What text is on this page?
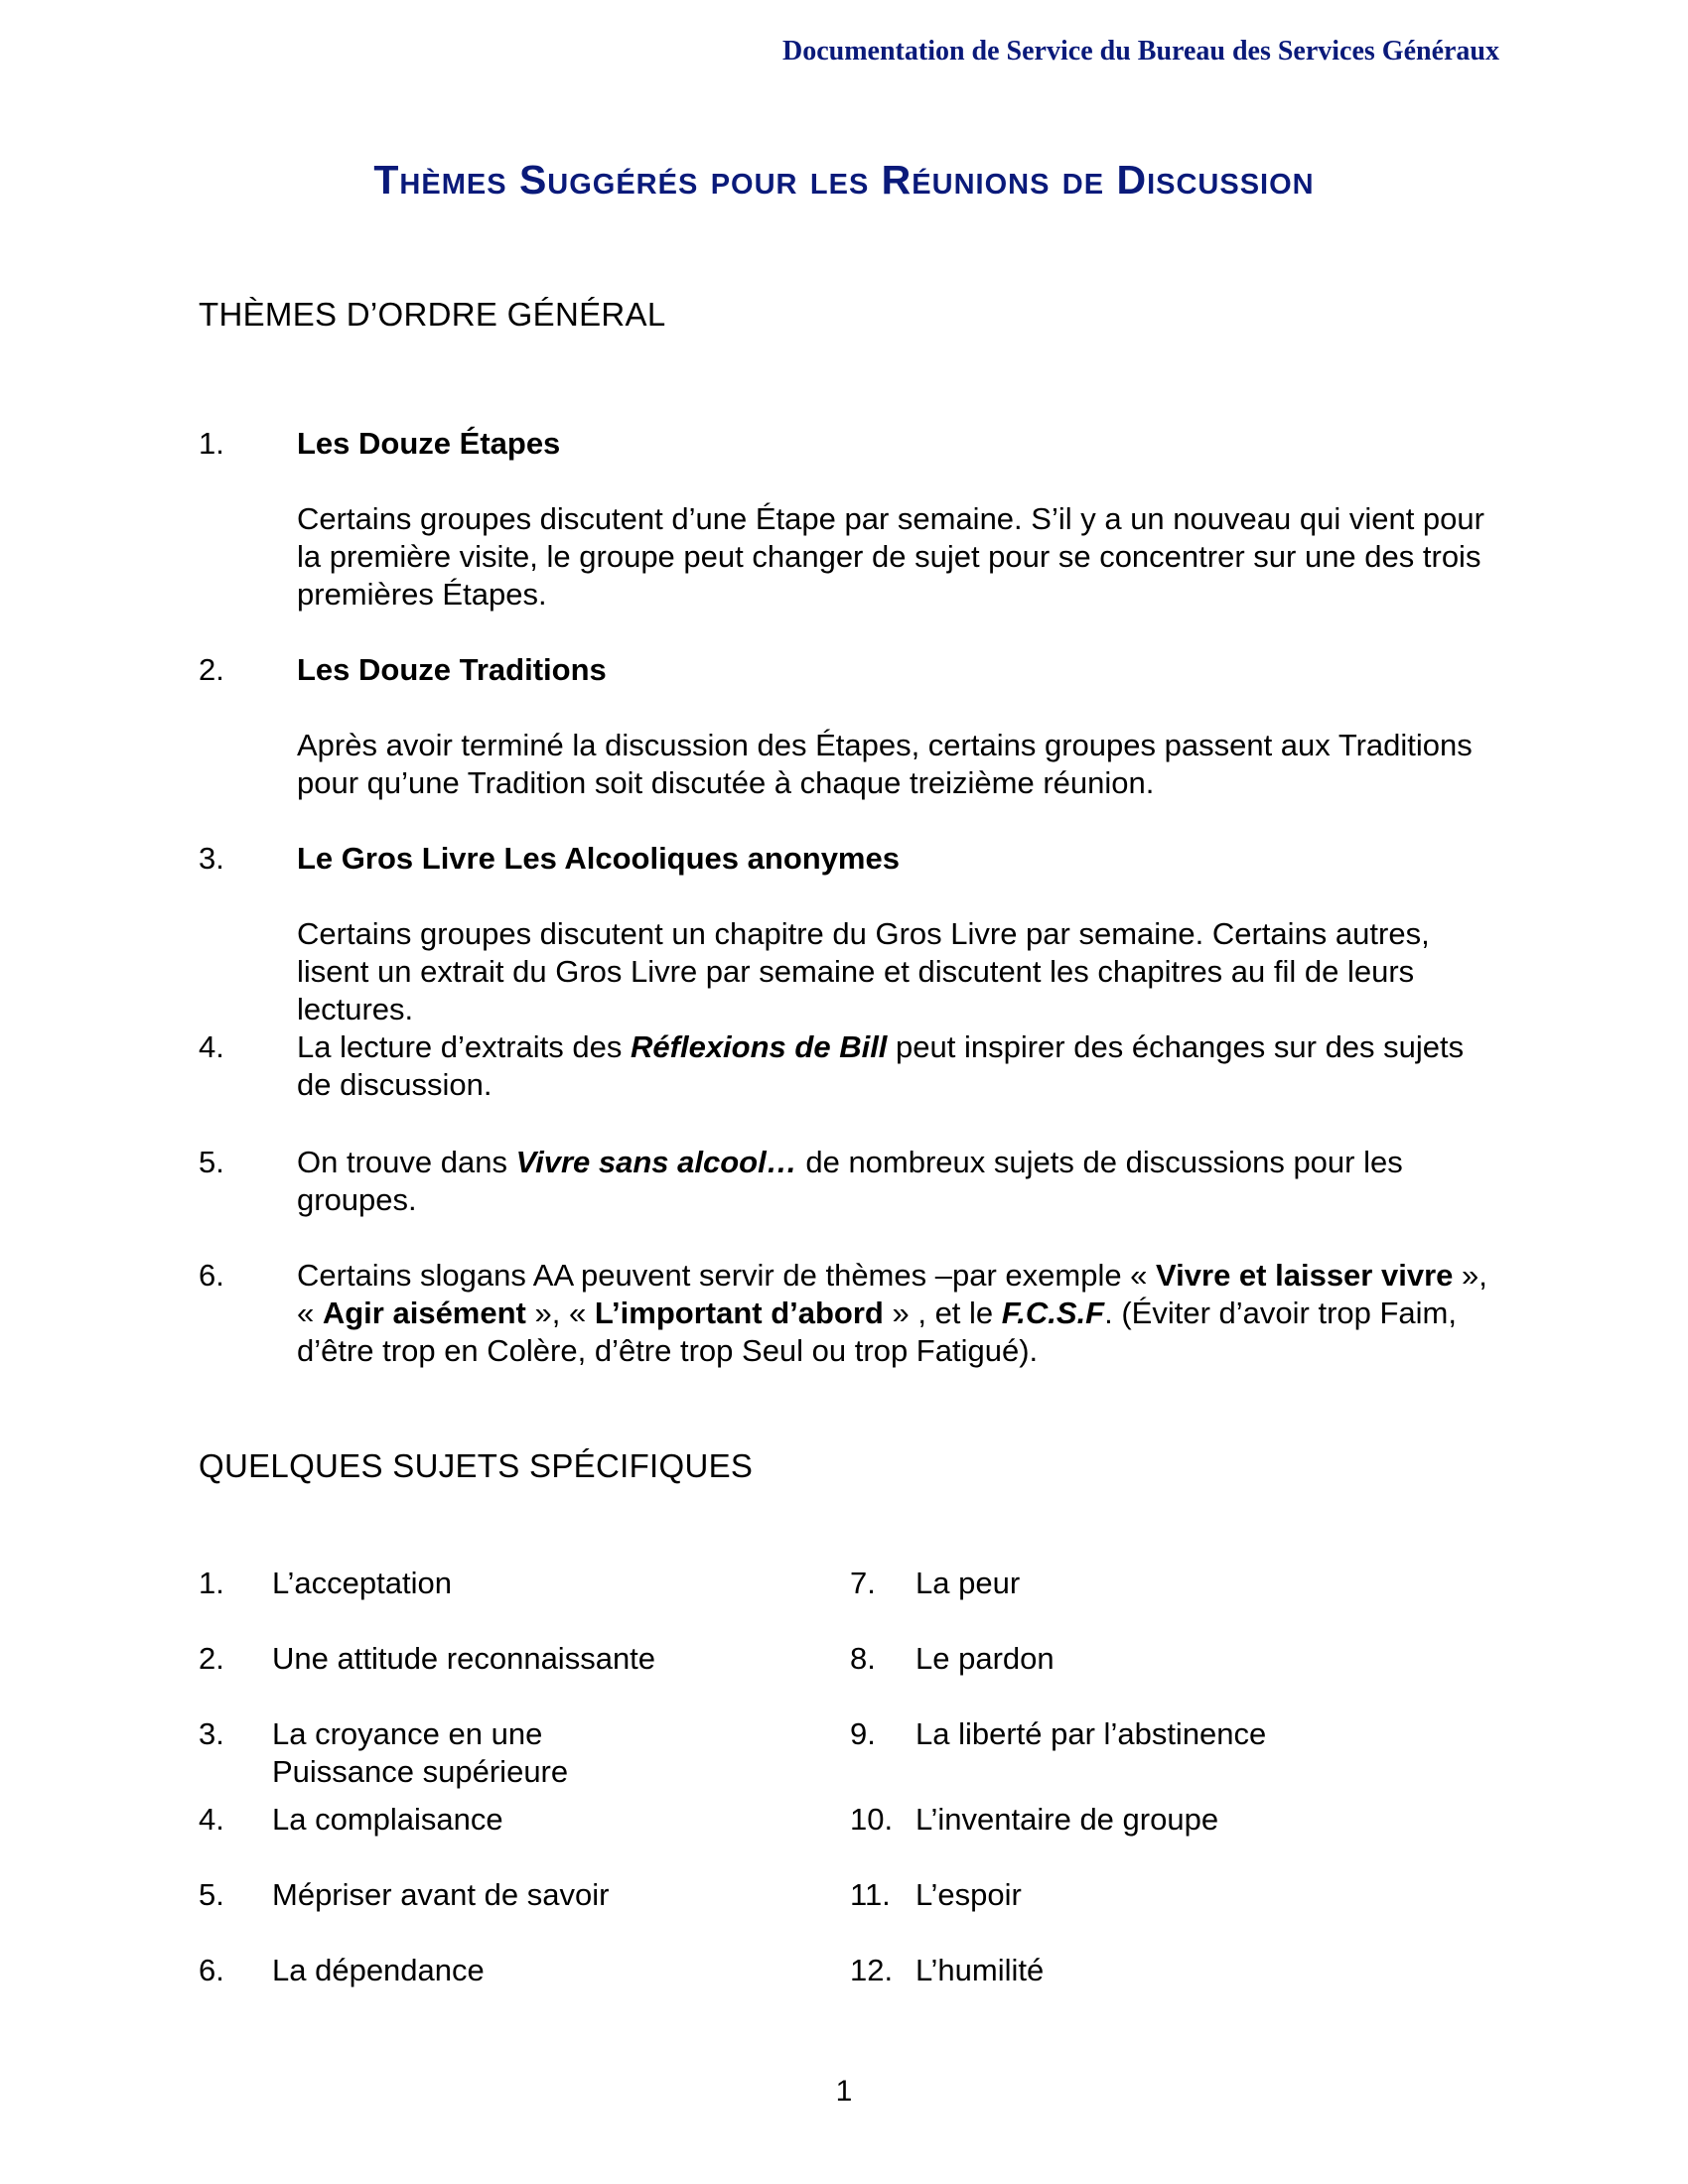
Documentation de Service du Bureau des Services Généraux
Thèmes Suggérés pour les Réunions de Discussion
THÈMES D’ORDRE GÉNÉRAL
1. Les Douze Étapes
Certains groupes discutent d’une Étape par semaine. S’il y a un nouveau qui vient pour la première visite, le groupe peut changer de sujet pour se concentrer sur une des trois premières Étapes.
2. Les Douze Traditions
Après avoir terminé la discussion des Étapes, certains groupes passent aux Traditions pour qu’une Tradition soit discutée à chaque treizième réunion.
3. Le Gros Livre Les Alcooliques anonymes
Certains groupes discutent un chapitre du Gros Livre par semaine. Certains autres, lisent un extrait du Gros Livre par semaine et discutent les chapitres au fil de leurs lectures.
4. La lecture d’extraits des Réflexions de Bill peut inspirer des échanges sur des sujets de discussion.
5. On trouve dans Vivre sans alcool… de nombreux sujets de discussions pour les groupes.
6. Certains slogans AA peuvent servir de thèmes –par exemple « Vivre et laisser vivre », « Agir aisément », « L’important d’abord » , et le F.C.S.F. (Éviter d’avoir trop Faim, d’être trop en Colère, d’être trop Seul ou trop Fatigué).
QUELQUES SUJETS SPÉCIFIQUES
1. L’acceptation
2. Une attitude reconnaissante
3. La croyance en une Puissance supérieure
4. La complaisance
5. Mépriser avant de savoir
6. La dépendance
7. La peur
8. Le pardon
9. La liberté par l’abstinence
10. L’inventaire de groupe
11. L’espoir
12. L’humilité
1
